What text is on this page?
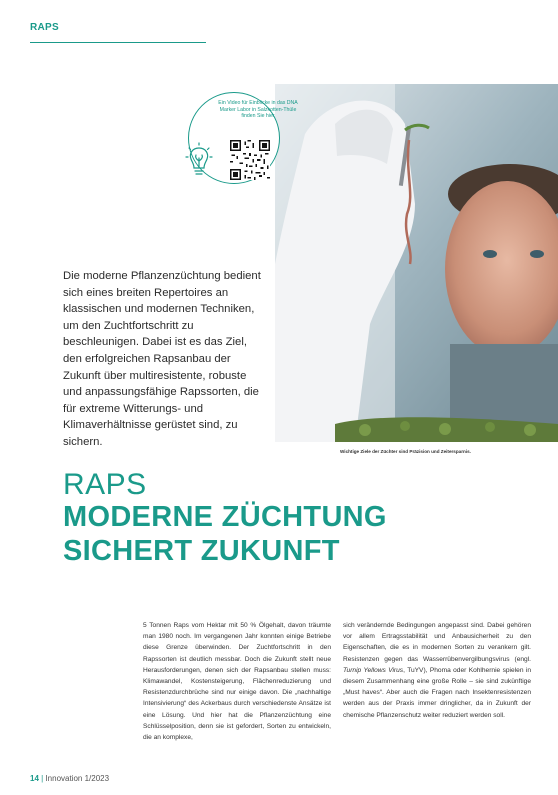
RAPS
Ein Video für Einblicke in das DNA Marker Labor in Salzkotten-Thüle finden Sie hier
Die moderne Pflanzenzüchtung bedient sich eines breiten Repertoires an klassischen und modernen Techniken, um den Zuchtfortschritt zu beschleunigen. Dabei ist es das Ziel, den erfolgreichen Rapsanbau der Zukunft über multiresistente, robuste und anpassungsfähige Rapssorten, die für extreme Witterungs- und Klimaverhältnisse gerüstet sind, zu sichern.
Wichtige Ziele der Züchter sind Präzision und Zeitersparnis.
RAPS
MODERNE ZÜCHTUNG
SICHERT ZUKUNFT
5 Tonnen Raps vom Hektar mit 50 % Ölgehalt, davon träumte man 1980 noch. Im vergangenen Jahr konnten einige Betriebe diese Grenze überwinden. Der Zuchtfortschritt in den Rapssorten ist deutlich messbar. Doch die Zukunft stellt neue Herausforderungen, denen sich der Rapsanbau stellen muss: Klimawandel, Kostensteigerung, Flächenreduzierung und Resistenzdurchbrüche sind nur einige davon. Die „nachhaltige Intensivierung“ des Ackerbaus durch verschiedenste Ansätze ist eine Lösung. Und hier hat die Pflanzenzüchtung eine Schlüsselposition, denn sie ist gefordert, Sorten zu entwickeln, die an komplexe,
sich verändernde Bedingungen angepasst sind. Dabei gehören vor allem Ertragsstabilität und Anbausicherheit zu den Eigenschaften, die es in modernen Sorten zu verankern gilt. Resistenzen gegen das Wasserrübenvergilbungsvirus (engl. Turnip Yellows Virus, TuYV), Phoma oder Kohlhernie spielen in diesem Zusammenhang eine große Rolle – sie sind zukünftige „Must haves“. Aber auch die Fragen nach Insektenresistenzen werden aus der Praxis immer dringlicher, da in Zukunft der chemische Pflanzenschutz weiter reduziert werden soll.
14 | Innovation 1/2023
